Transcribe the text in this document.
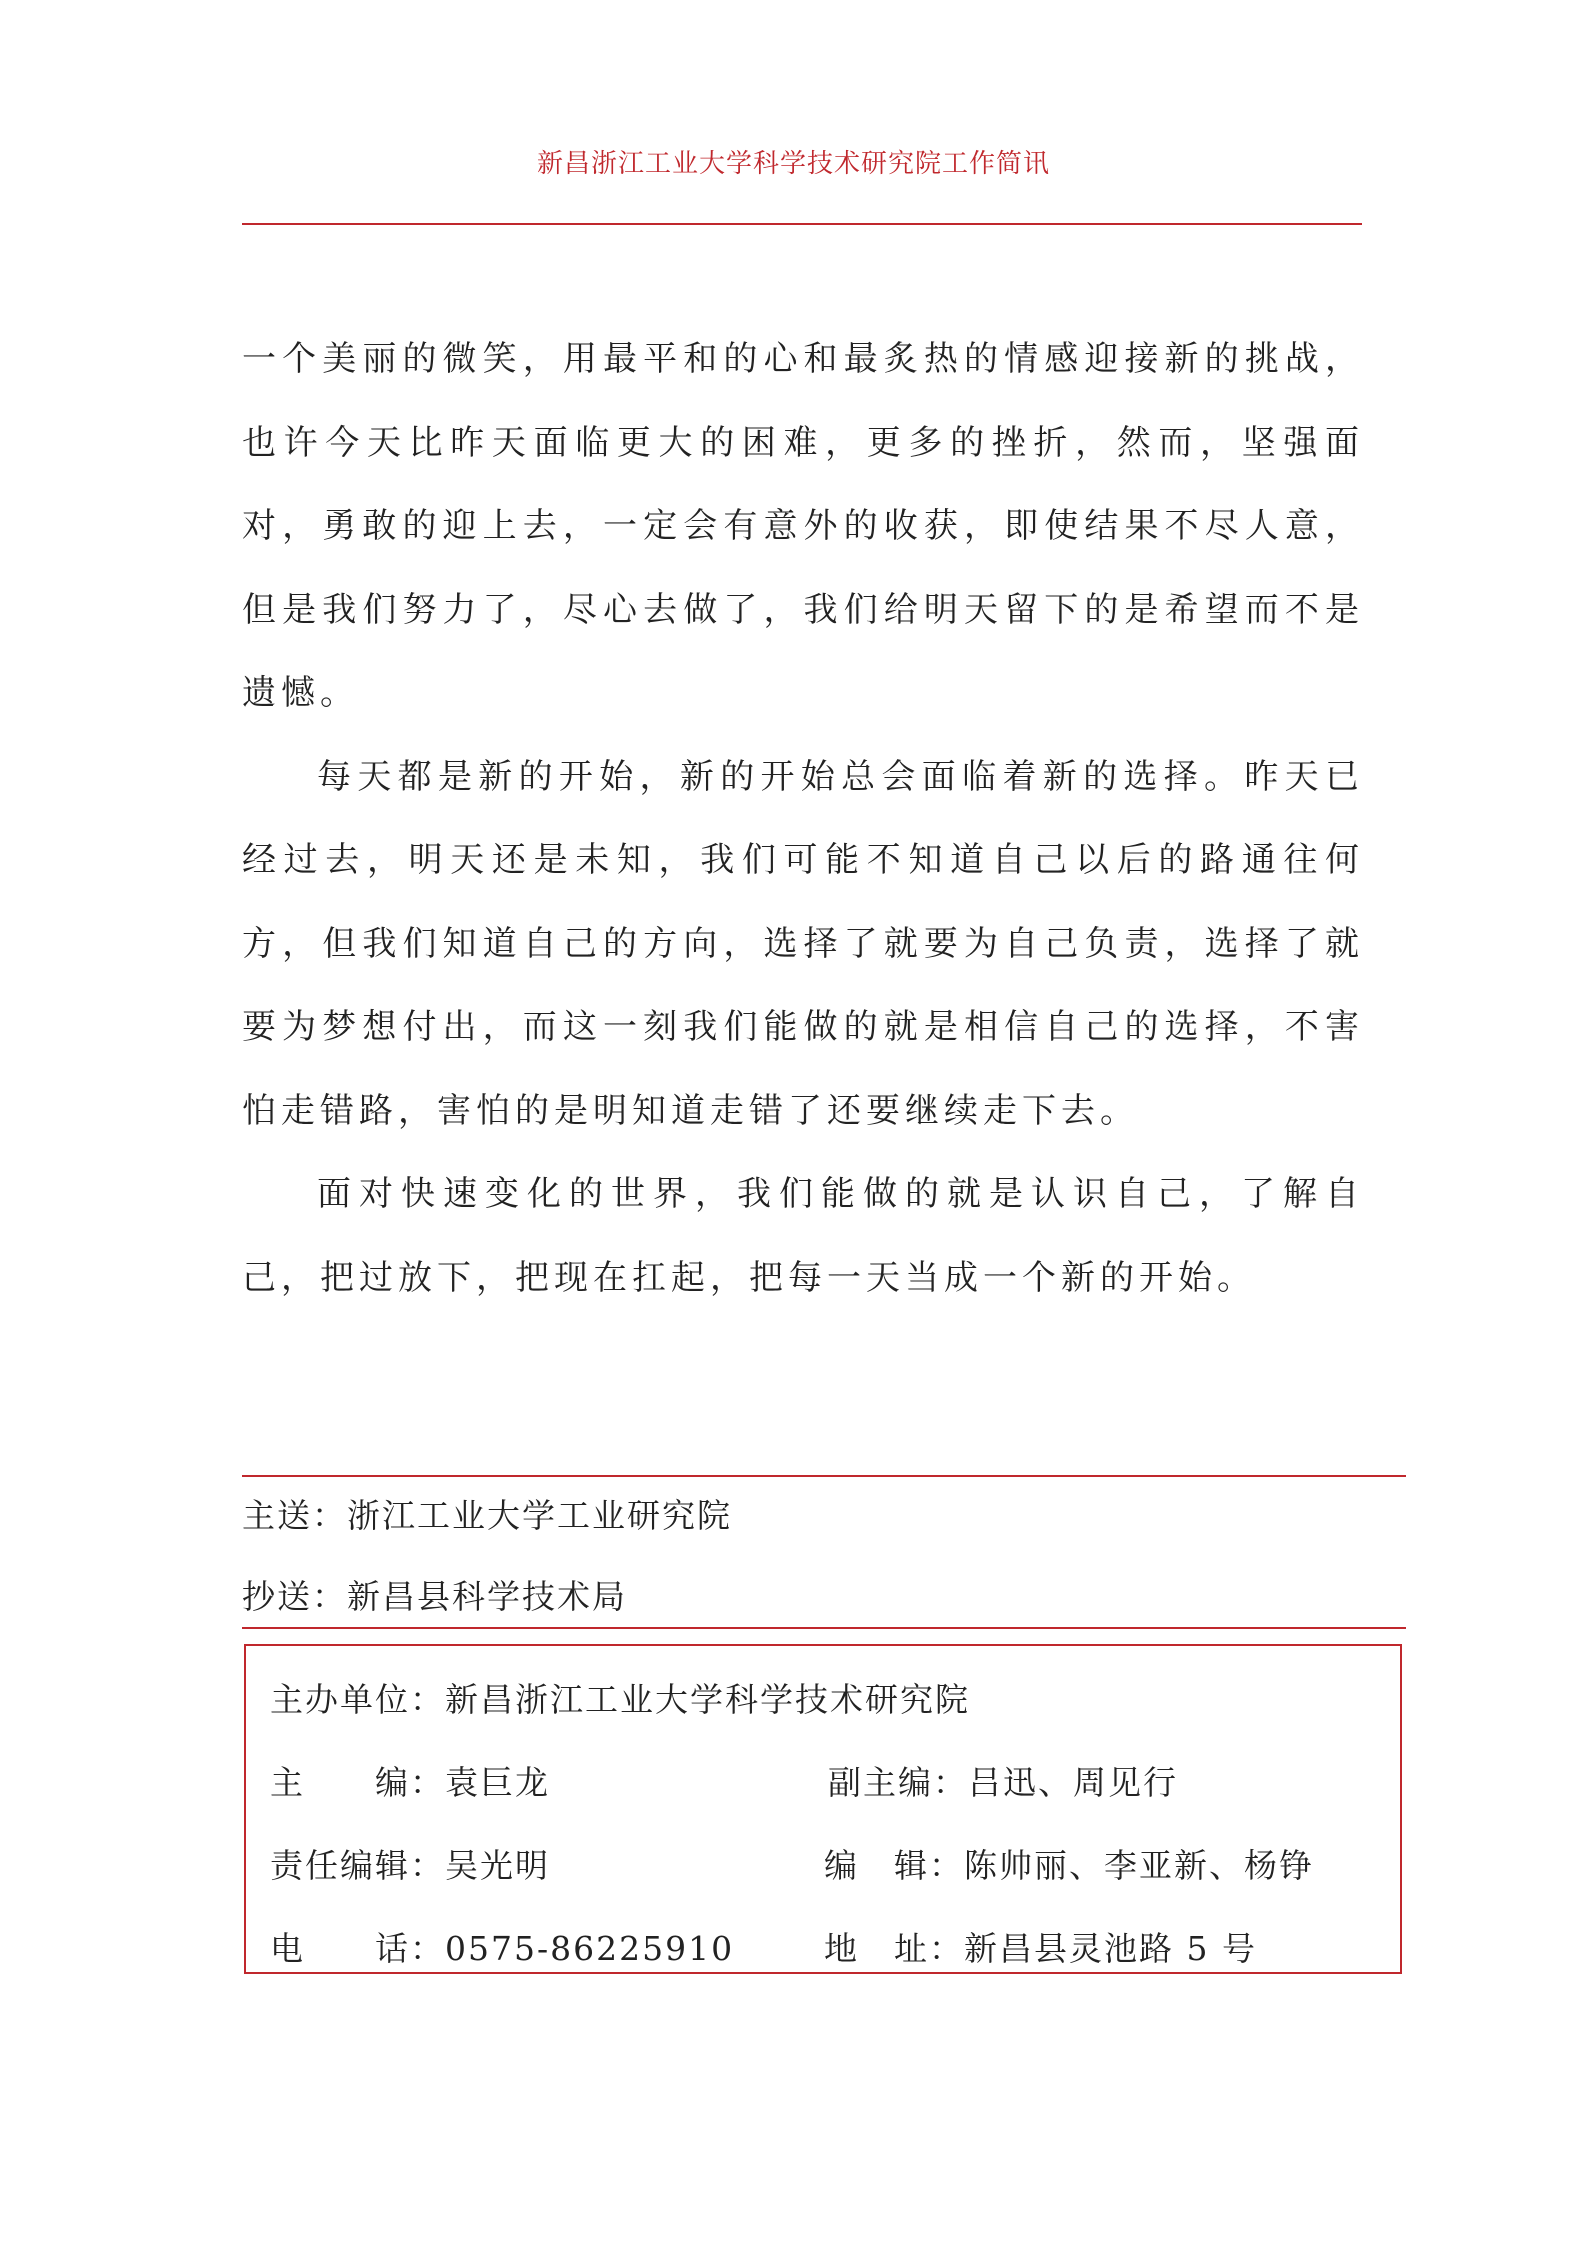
新昌浙江工业大学科学技术研究院工作简讯

一个美丽的微笑，用最平和的心和最炙热的情感迎接新的挑战，也许今天比昨天面临更大的困难，更多的挫折，然而，坚强面对，勇敢的迎上去，一定会有意外的收获，即使结果不尽人意，但是我们努力了，尽心去做了，我们给明天留下的是希望而不是遗憾。

每天都是新的开始，新的开始总会面临着新的选择。昨天已经过去，明天还是未知，我们可能不知道自己以后的路通往何方，但我们知道自己的方向，选择了就要为自己负责，选择了就要为梦想付出，而这一刻我们能做的就是相信自己的选择，不害怕走错路，害怕的是明知道走错了还要继续走下去。

面对快速变化的世界，我们能做的就是认识自己，了解自己，把过放下，把现在扛起，把每一天当成一个新的开始。

主送：浙江工业大学工业研究院
抄送：新昌县科学技术局
主办单位：新昌浙江工业大学科学技术研究院
主　　编：袁巨龙	副主编：吕迅、周见行
责任编辑：吴光明	编　辑：陈帅丽、李亚新、杨铮
电　　话：0575-86225910	地　址：新昌县灵池路 5 号
